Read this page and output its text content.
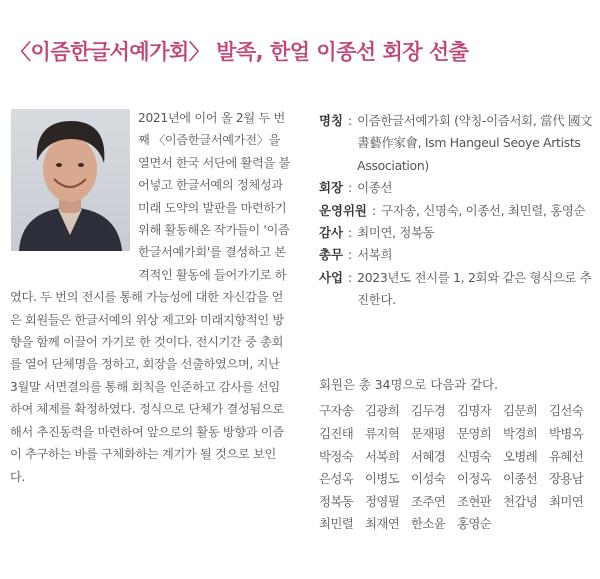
〈이즘한글서예가회〉 발족, 한얼 이종선 회장 선출
2021년에 이어 올 2월 두 번째 〈이즘한글서예가전〉을 열면서 한국 서단에 활력을 불어넣고 한글서예의 정체성과 미래 도약의 발판을 마련하기 위해 활동해온 작가들이 '이즘한글서예가회'를 결성하고 본격적인 활동에 들어가기로 하였다. 두 번의 전시를 통해 가능성에 대한 자신감을 얻은 회원들은 한글서예의 위상 제고와 미래지향적인 방향을 함께 이끌어 가기로 한 것이다. 전시기간 중 총회를 열어 단체명을 정하고, 회장을 선출하였으며, 지난 3월말 서면결의를 통해 회칙을 인준하고 감사를 선임하여 체제를 확정하였다. 정식으로 단체가 결성됨으로 해서 추진동력을 마련하여 앞으로의 활동 방향과 이즘이 추구하는 바를 구체화하는 계기가 될 것으로 보인다.
명칭 : 이즘한글서예가회 (약칭-이즘서회, 當代 國文書藝作家會, Ism Hangeul Seoye Artists Association)
회장 : 이종선
운영위원 : 구자송, 신명숙, 이종선, 최민렬, 홍영순
감사 : 최미연, 정복동
총무 : 서복희
사업 : 2023년도 전시를 1, 2회와 같은 형식으로 추진한다.
회원은 총 34명으로 다음과 같다.
구자송 김광희 김두경 김명자 김문희 김선숙
김진태 류지혁 문재평 문영희 박경희 박병옥
박정숙 서복희 서혜경 신명숙 오병례 유혜선
은성옥 이병도 이성숙 이정옥 이종선 장용남
정복동 정영필 조주연 조현판 천갑녕 최미연
최민렬 최재연 한소윤 홍영순
